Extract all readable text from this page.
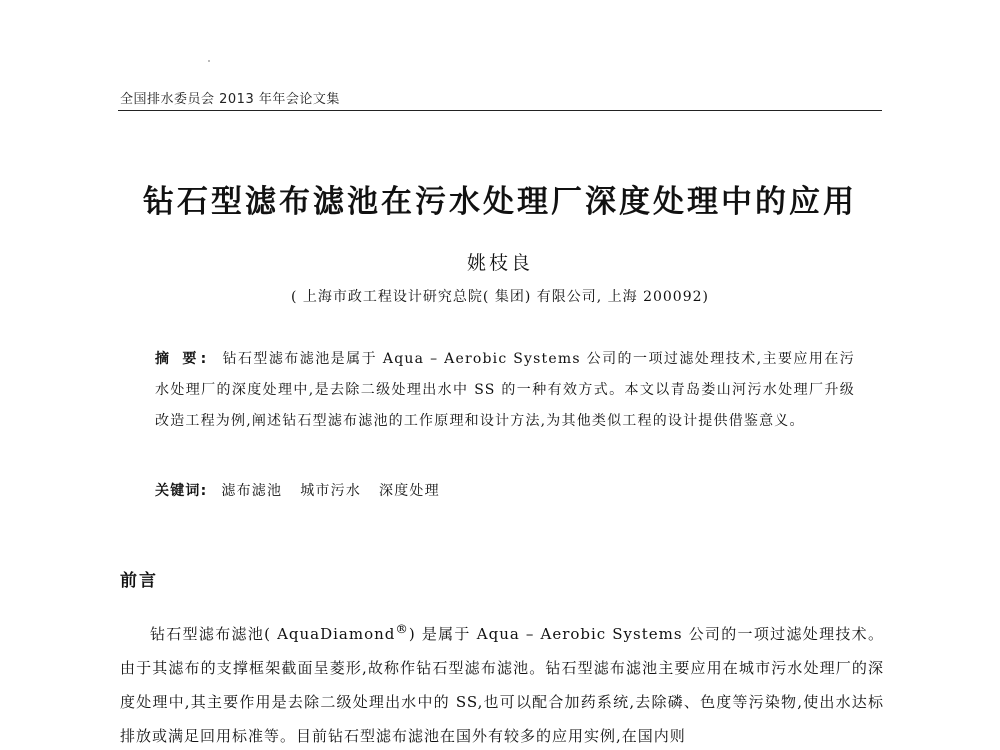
全国排水委员会 2013 年年会论文集
钻石型滤布滤池在污水处理厂深度处理中的应用
姚枝良
( 上海市政工程设计研究总院( 集团) 有限公司, 上海 200092)
摘 要: 钻石型滤布滤池是属于 Aqua – Aerobic Systems 公司的一项过滤处理技术,主要应用在污水处理厂的深度处理中,是去除二级处理出水中 SS 的一种有效方式。本文以青岛娄山河污水处理厂升级改造工程为例,阐述钻石型滤布滤池的工作原理和设计方法,为其他类似工程的设计提供借鉴意义。
关键词: 滤布滤池 城市污水 深度处理
前言
钻石型滤布滤池( AquaDiamond®) 是属于 Aqua – Aerobic Systems 公司的一项过滤处理技术。由于其滤布的支撑框架截面呈菱形,故称作钻石型滤布滤池。钻石型滤布滤池主要应用在城市污水处理厂的深度处理中,其主要作用是去除二级处理出水中的 SS,也可以配合加药系统,去除磷、色度等污染物,使出水达标排放或满足回用标准等。目前钻石型滤布滤池在国外有较多的应用实例,在国内则
